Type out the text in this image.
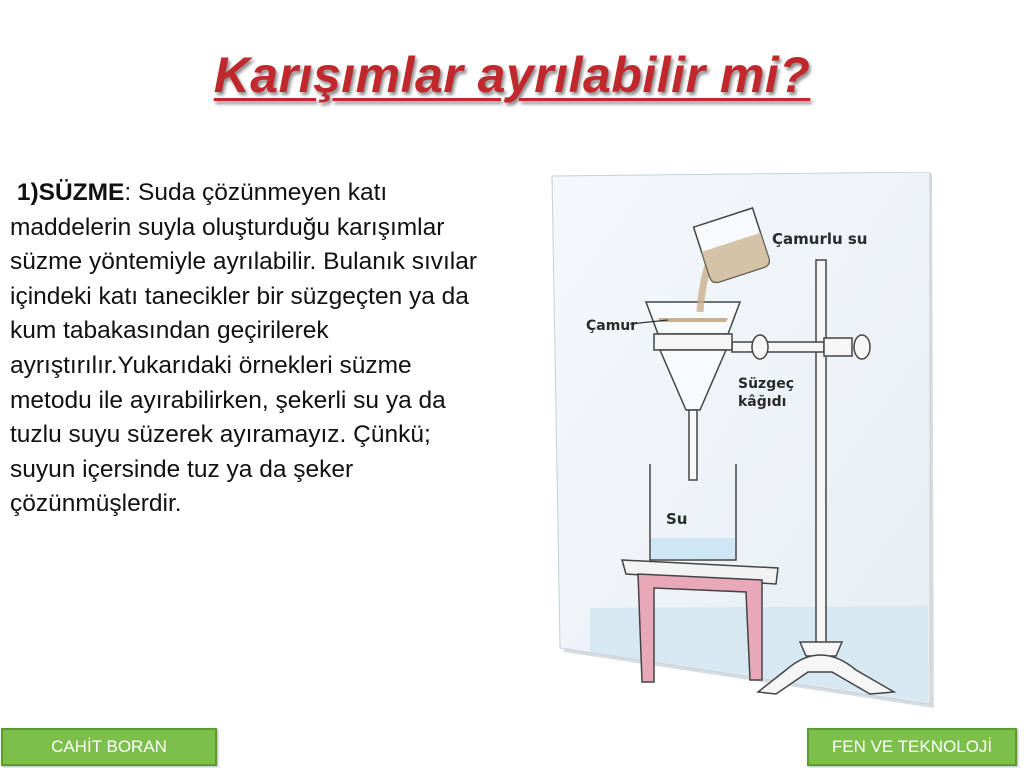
Karışımlar ayrılabilir mi?
1)SÜZME: Suda çözünmeyen katı maddelerin suyla oluşturduğu karışımlar süzme yöntemiyle ayrılabilir. Bulanık sıvılar içindeki katı tanecikler bir süzgeçten ya da kum tabakasından geçirilerek ayrıştırılır.Yukarıdaki örnekleri süzme metodu ile ayırabilirken, şekerli su ya da tuzlu suyu süzerek ayıramayız. Çünkü; suyun içersinde tuz ya da şeker çözünmüşlerdir.
Çamurlu su
Çamur
Süzgeç
kâğıdı
Su
CAHİT BORAN	FEN VE TEKNOLOJİ
